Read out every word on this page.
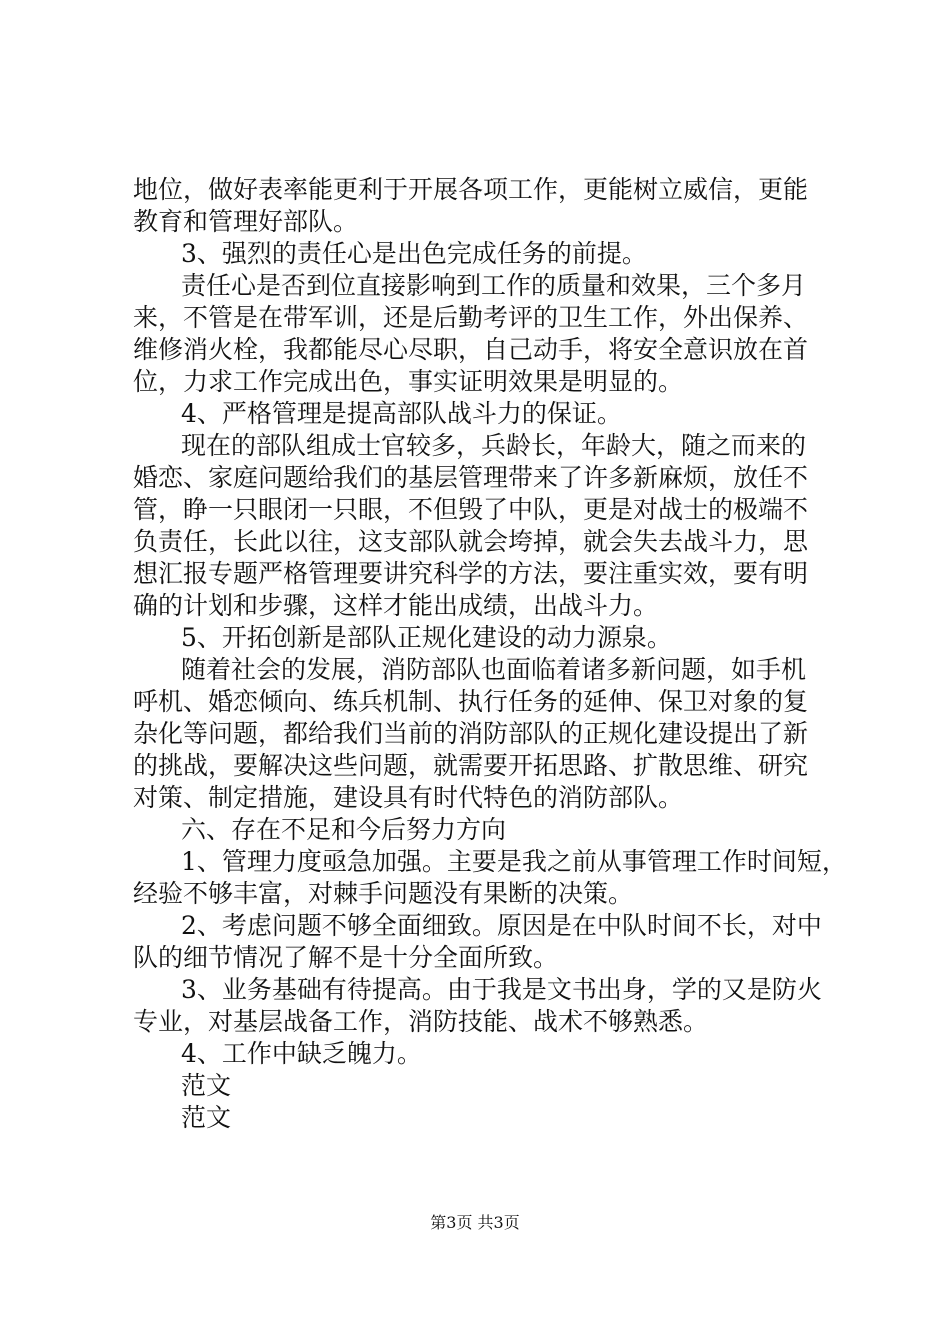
地位，做好表率能更利于开展各项工作，更能树立威信，更能
教育和管理好部队。
3、强烈的责任心是出色完成任务的前提。
责任心是否到位直接影响到工作的质量和效果，三个多月
来，不管是在带军训，还是后勤考评的卫生工作，外出保养、
维修消火栓，我都能尽心尽职，自己动手，将安全意识放在首
位，力求工作完成出色，事实证明效果是明显的。
4、严格管理是提高部队战斗力的保证。
现在的部队组成士官较多，兵龄长，年龄大，随之而来的
婚恋、家庭问题给我们的基层管理带来了许多新麻烦，放任不
管，睁一只眼闭一只眼，不但毁了中队，更是对战士的极端不
负责任，长此以往，这支部队就会垮掉，就会失去战斗力，思
想汇报专题严格管理要讲究科学的方法，要注重实效，要有明
确的计划和步骤，这样才能出成绩，出战斗力。
5、开拓创新是部队正规化建设的动力源泉。
随着社会的发展，消防部队也面临着诸多新问题，如手机
呼机、婚恋倾向、练兵机制、执行任务的延伸、保卫对象的复
杂化等问题，都给我们当前的消防部队的正规化建设提出了新
的挑战，要解决这些问题，就需要开拓思路、扩散思维、研究
对策、制定措施，建设具有时代特色的消防部队。
六、存在不足和今后努力方向
1、管理力度亟急加强。主要是我之前从事管理工作时间短，
经验不够丰富，对棘手问题没有果断的决策。
2、考虑问题不够全面细致。原因是在中队时间不长，对中
队的细节情况了解不是十分全面所致。
3、业务基础有待提高。由于我是文书出身，学的又是防火
专业，对基层战备工作，消防技能、战术不够熟悉。
4、工作中缺乏魄力。
范文
范文
第3页 共3页
